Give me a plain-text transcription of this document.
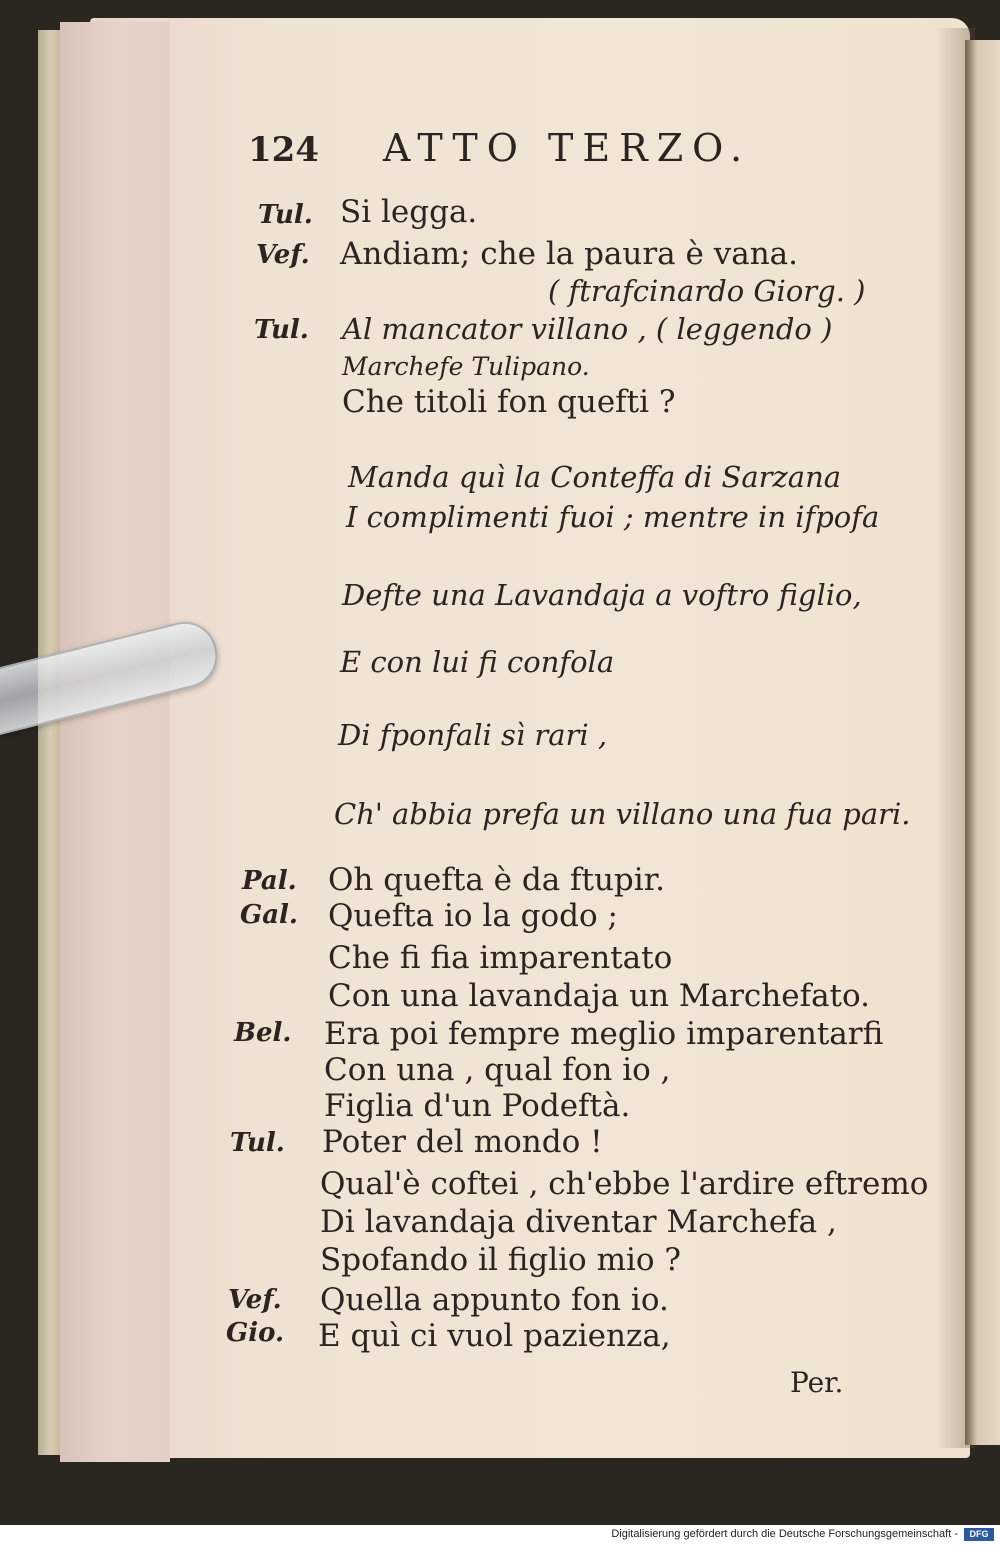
124 ATTO TERZO.
Tul.
Vef.
Tul.
Pal.
Gal.
Bel.
Tul.
Vef.
Gio.
Si legga.
Andiam; che la paura è vana.
( ftrafcinardo Giorg. )
Al mancator villano , ( leggendo )
Marchefe Tulipano.
Che titoli fon quefti ?
Manda quì la Conteffa di Sarzana
I complimenti fuoi ; mentre in ifpofa
Defte una Lavandaja a voftro figlio,
E con lui fi confola
Di fponfali sì rari ,
Ch' abbia prefa un villano una fua pari.
Oh quefta è da ftupir.
Quefta io la godo ;
Che fi fia imparentato
Con una lavandaja un Marchefato.
Era poi fempre meglio imparentarfi
Con una , qual fon io ,
Figlia d'un Podeftà.
Poter del mondo !
Qual'è coftei , ch'ebbe l'ardire eftremo
Di lavandaja diventar Marchefa ,
Spofando il figlio mio ?
Quella appunto fon io.
E quì ci vuol pazienza,
Per.
Digitalisierung gefördert durch die Deutsche Forschungsgemeinschaft -	DFG
